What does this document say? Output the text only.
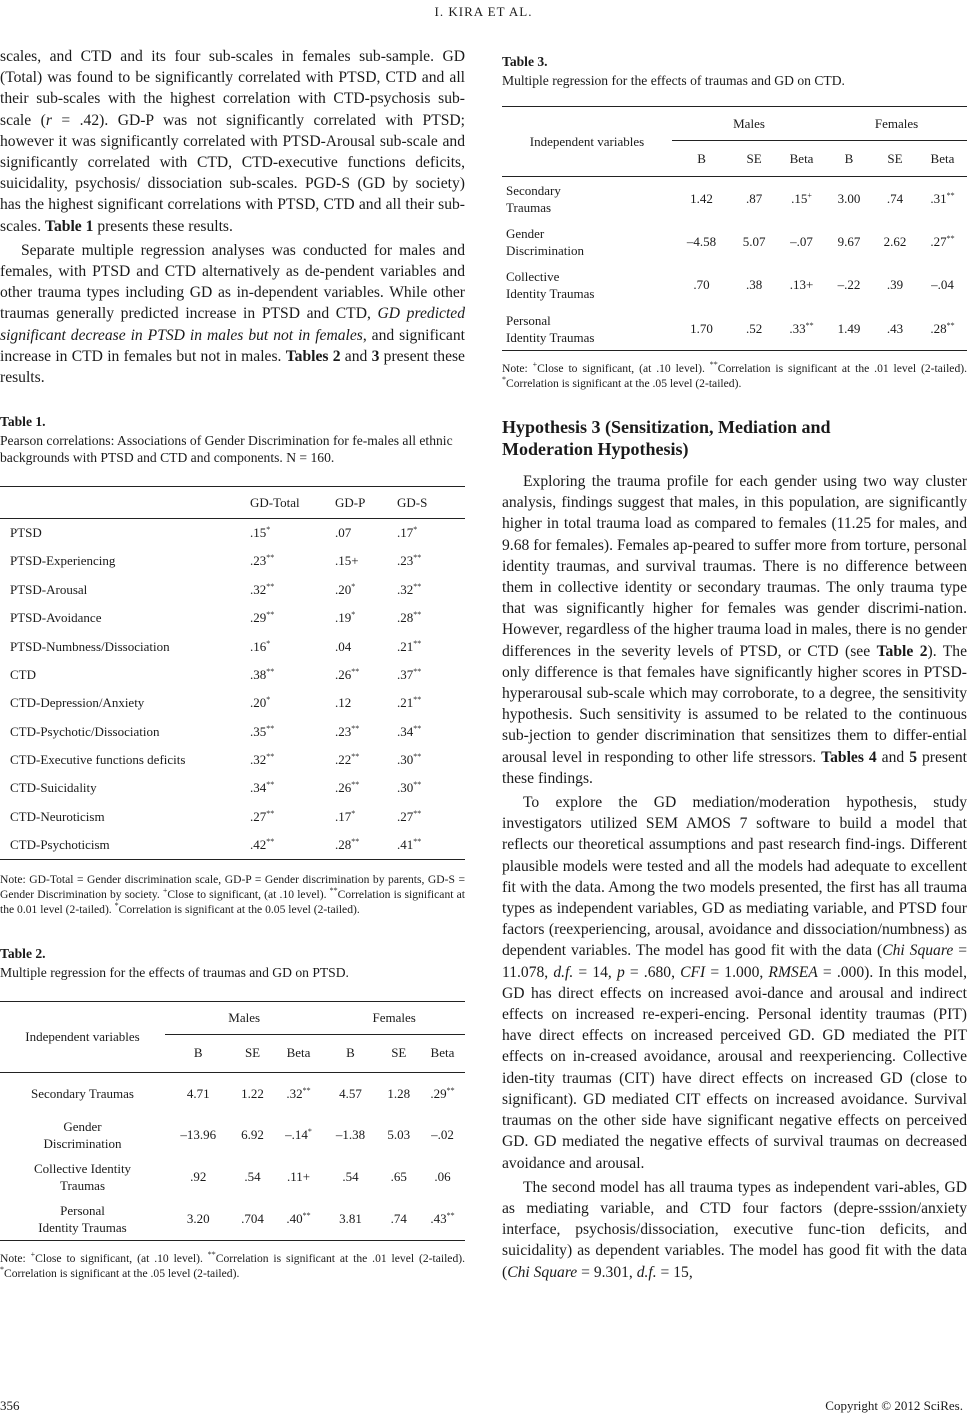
I. KIRA ET AL.

scales, and CTD and its four sub-scales in females sub-sample. GD (Total) was found to be significantly correlated with PTSD, CTD and all their sub-scales with the highest correlation with CTD-psychosis sub-scale (r = .42). GD-P was not significantly correlated with PTSD; however it was significantly correlated with PTSD-Arousal sub-scale and significantly correlated with CTD, CTD-executive functions deficits, suicidality, psychosis/ dissociation sub-scales. PGD-S (GD by society) has the highest significant correlations with PTSD, CTD and all their sub-scales. Table 1 presents these results.

Separate multiple regression analyses was conducted for males and females, with PTSD and CTD alternatively as de-pendent variables and other trauma types including GD as in-dependent variables. While other traumas generally predicted increase in PTSD and CTD, GD predicted significant decrease in PTSD in males but not in females, and significant increase in CTD in females but not in males. Tables 2 and 3 present these results.

Table 1.
Pearson correlations: Associations of Gender Discrimination for fe-males all ethnic backgrounds with PTSD and CTD and components. N = 160.
	GD-Total	GD-P	GD-S
PTSD	.15*	.07	.17*
PTSD-Experiencing	.23**	.15+	.23**
PTSD-Arousal	.32**	.20*	.32**
PTSD-Avoidance	.29**	.19*	.28**
PTSD-Numbness/Dissociation	.16*	.04	.21**
CTD	.38**	.26**	.37**
CTD-Depression/Anxiety	.20*	.12	.21**
CTD-Psychotic/Dissociation	.35**	.23**	.34**
CTD-Executive functions deficits	.32**	.22**	.30**
CTD-Suicidality	.34**	.26**	.30**
CTD-Neuroticism	.27**	.17*	.27**
CTD-Psychoticism	.42**	.28**	.41**
Note: GD-Total = Gender discrimination scale, GD-P = Gender discrimination by parents, GD-S = Gender Discrimination by society. +Close to significant, (at .10 level). **Correlation is significant at the 0.01 level (2-tailed). *Correlation is significant at the 0.05 level (2-tailed).
Table 2.
Multiple regression for the effects of traumas and GD on PTSD.
Independent variables	Males			Females		
	B	SE	Beta	B	SE	Beta

Secondary Traumas	4.71	1.22	.32**	4.57	1.28	.29**

Gender
Discrimination	–13.96	6.92	–.14*	–1.38	5.03	–.02

Collective Identity
Traumas	.92	.54	.11+	.54	.65	.06

Personal
Identity Traumas	3.20	.704	.40**	3.81	.74	.43**
Note: +Close to significant, (at .10 level). **Correlation is significant at the .01 level (2-tailed). *Correlation is significant at the .05 level (2-tailed).
Table 3.
Multiple regression for the effects of traumas and GD on CTD.
Independent variables	Males			Females		
	B	SE	Beta	B	SE	Beta

Secondary
Traumas	1.42	.87	.15+	3.00	.74	.31**

Gender
Discrimination	–4.58	5.07	–.07	9.67	2.62	.27**

Collective
Identity Traumas	.70	.38	.13+	–.22	.39	–.04

Personal
Identity Traumas	1.70	.52	.33**	1.49	.43	.28**
Note: +Close to significant, (at .10 level). **Correlation is significant at the .01 level (2-tailed). *Correlation is significant at the .05 level (2-tailed).
Hypothesis 3 (Sensitization, Mediation and
Moderation Hypothesis)

Exploring the trauma profile for each gender using two way cluster analysis, findings suggest that males, in this population, are significantly higher in total trauma load as compared to females (11.25 for males, and 9.68 for females). Females ap-peared to suffer more from torture, personal identity traumas, and survival traumas. There is no difference between them in collective identity or secondary traumas. The only trauma type that was significantly higher for females was gender discrimi-nation. However, regardless of the higher trauma load in males, there is no gender differences in the severity levels of PTSD, or CTD (see Table 2). The only difference is that females have significantly higher scores in PTSD-hyperarousal sub-scale which may corroborate, to a degree, the sensitivity hypothesis. Such sensitivity is assumed to be related to the continuous sub-jection to gender discrimination that sensitizes them to differ-ential arousal level in responding to other life stressors. Tables 4 and 5 present these findings.

To explore the GD mediation/moderation hypothesis, study investigators utilized SEM AMOS 7 software to build a model that reflects our theoretical assumptions and past research find-ings. Different plausible models were tested and all the models had adequate to excellent fit with the data. Among the two models presented, the first has all trauma types as independent variables, GD as mediating variable, and PTSD four factors (reexperiencing, arousal, avoidance and dissociation/numbness) as dependent variables. The model has good fit with the data (Chi Square = 11.078, d.f. = 14, p = .680, CFI = 1.000, RMSEA = .000). In this model, GD has direct effects on increased avoi-dance and arousal and indirect effects on increased re-experi-encing. Personal identity traumas (PIT) have direct effects on increased perceived GD. GD mediated the PIT effects on in-creased avoidance, arousal and reexperiencing. Collective iden-tity traumas (CIT) have direct effects on increased GD (close to significant). GD mediated CIT effects on increased avoidance. Survival traumas on the other side have significant negative effects on perceived GD. GD mediated the negative effects of survival traumas on decreased avoidance and arousal.

The second model has all trauma types as independent vari-ables, GD as mediating variable, and CTD four factors (depre-sssion/anxiety interface, psychosis/dissociation, executive func-tion deficits, and suicidality) as dependent variables. The model has good fit with the data (Chi Square = 9.301, d.f. = 15,

356	Copyright © 2012 SciRes.
